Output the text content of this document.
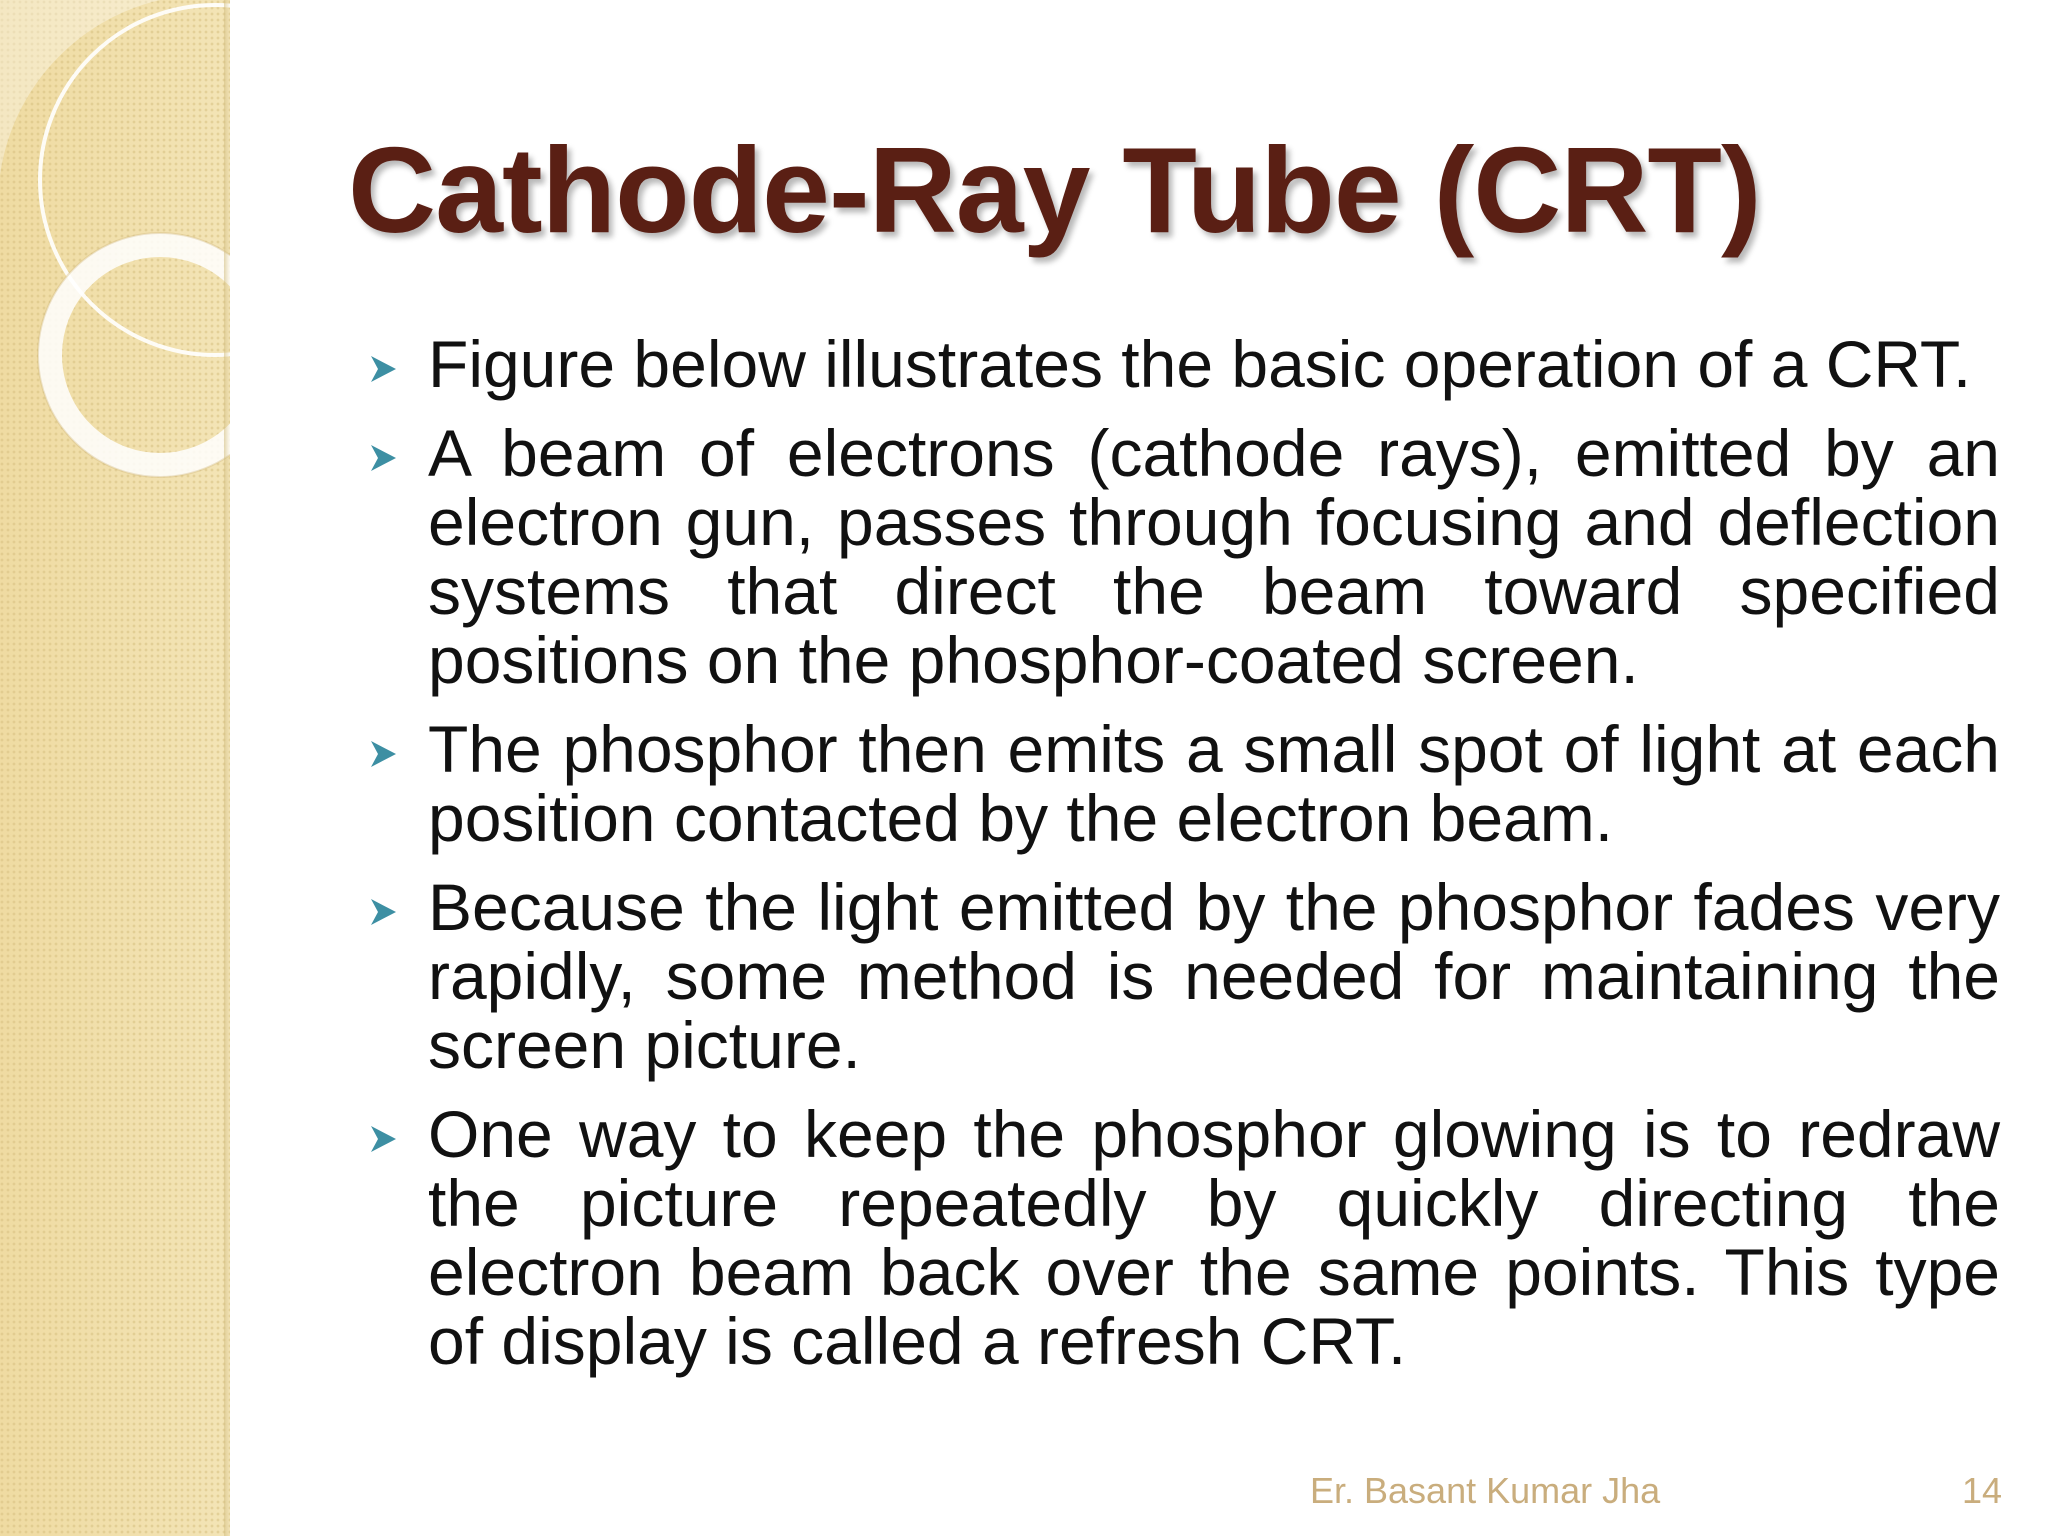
Cathode-Ray Tube (CRT)
Figure below illustrates the basic operation of a CRT.
A beam of electrons (cathode rays), emitted by an electron gun, passes through focusing and deflection systems that direct the beam toward specified positions on the phosphor-coated screen.
The phosphor then emits a small spot of light at each position contacted by the electron beam.
Because the light emitted by the phosphor fades very rapidly, some method is needed for maintaining the screen picture.
One way to keep the phosphor glowing is to redraw the picture repeatedly by quickly directing the electron beam back over the same points. This type of display is called a refresh CRT.
Er. Basant Kumar Jha	14
